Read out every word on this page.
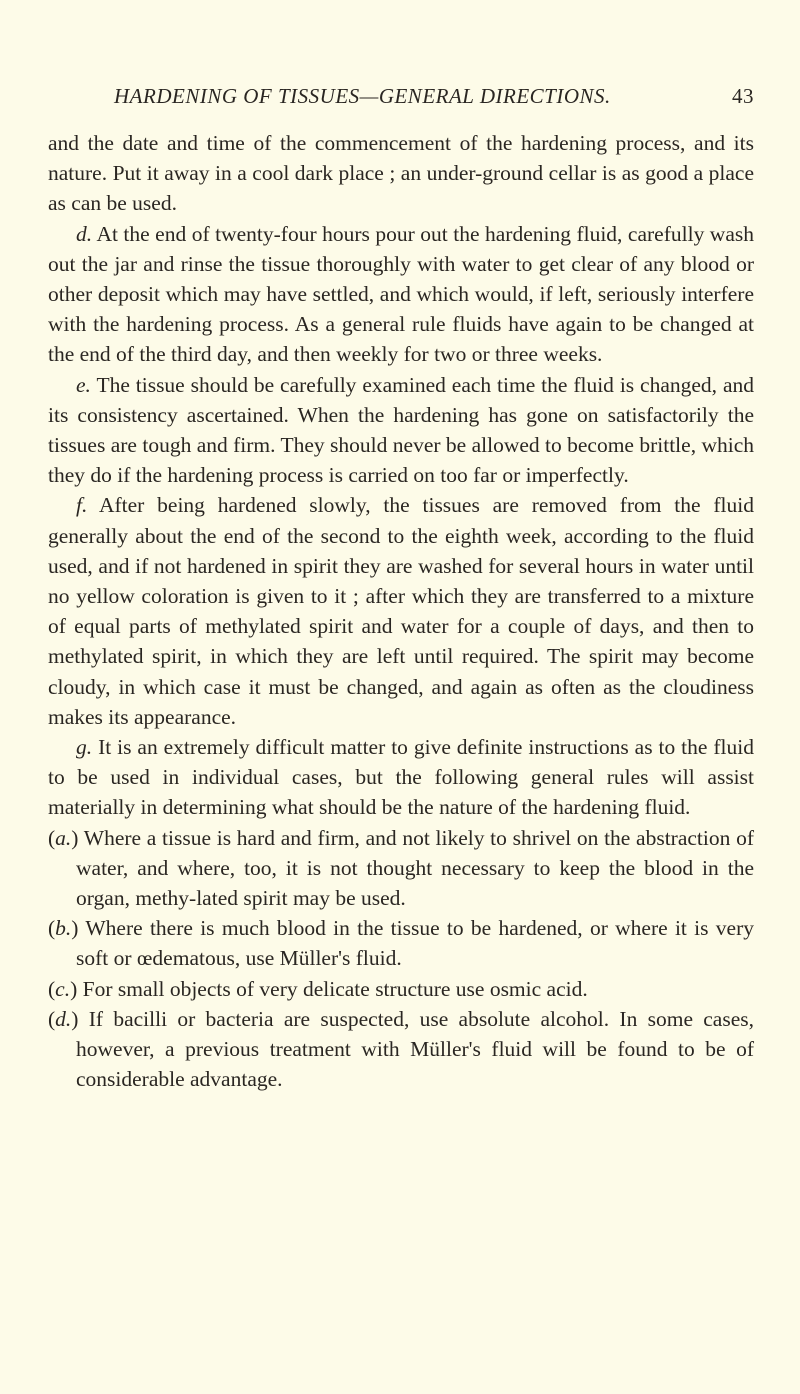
HARDENING OF TISSUES—GENERAL DIRECTIONS.	43

and the date and time of the commencement of the hardening process, and its nature. Put it away in a cool dark place ; an under-ground cellar is as good a place as can be used.

d. At the end of twenty-four hours pour out the hardening fluid, carefully wash out the jar and rinse the tissue thoroughly with water to get clear of any blood or other deposit which may have settled, and which would, if left, seriously interfere with the hardening process. As a general rule fluids have again to be changed at the end of the third day, and then weekly for two or three weeks.

e. The tissue should be carefully examined each time the fluid is changed, and its consistency ascertained. When the hardening has gone on satisfactorily the tissues are tough and firm. They should never be allowed to become brittle, which they do if the hardening process is carried on too far or imperfectly.

f. After being hardened slowly, the tissues are removed from the fluid generally about the end of the second to the eighth week, according to the fluid used, and if not hardened in spirit they are washed for several hours in water until no yellow coloration is given to it ; after which they are transferred to a mixture of equal parts of methylated spirit and water for a couple of days, and then to methylated spirit, in which they are left until required. The spirit may become cloudy, in which case it must be changed, and again as often as the cloudiness makes its appearance.

g. It is an extremely difficult matter to give definite instructions as to the fluid to be used in individual cases, but the following general rules will assist materially in determining what should be the nature of the hardening fluid.

(a.) Where a tissue is hard and firm, and not likely to shrivel on the abstraction of water, and where, too, it is not thought necessary to keep the blood in the organ, methy-lated spirit may be used.

(b.) Where there is much blood in the tissue to be hardened, or where it is very soft or œdematous, use Müller's fluid.

(c.) For small objects of very delicate structure use osmic acid.

(d.) If bacilli or bacteria are suspected, use absolute alcohol. In some cases, however, a previous treatment with Müller's fluid will be found to be of considerable advantage.
